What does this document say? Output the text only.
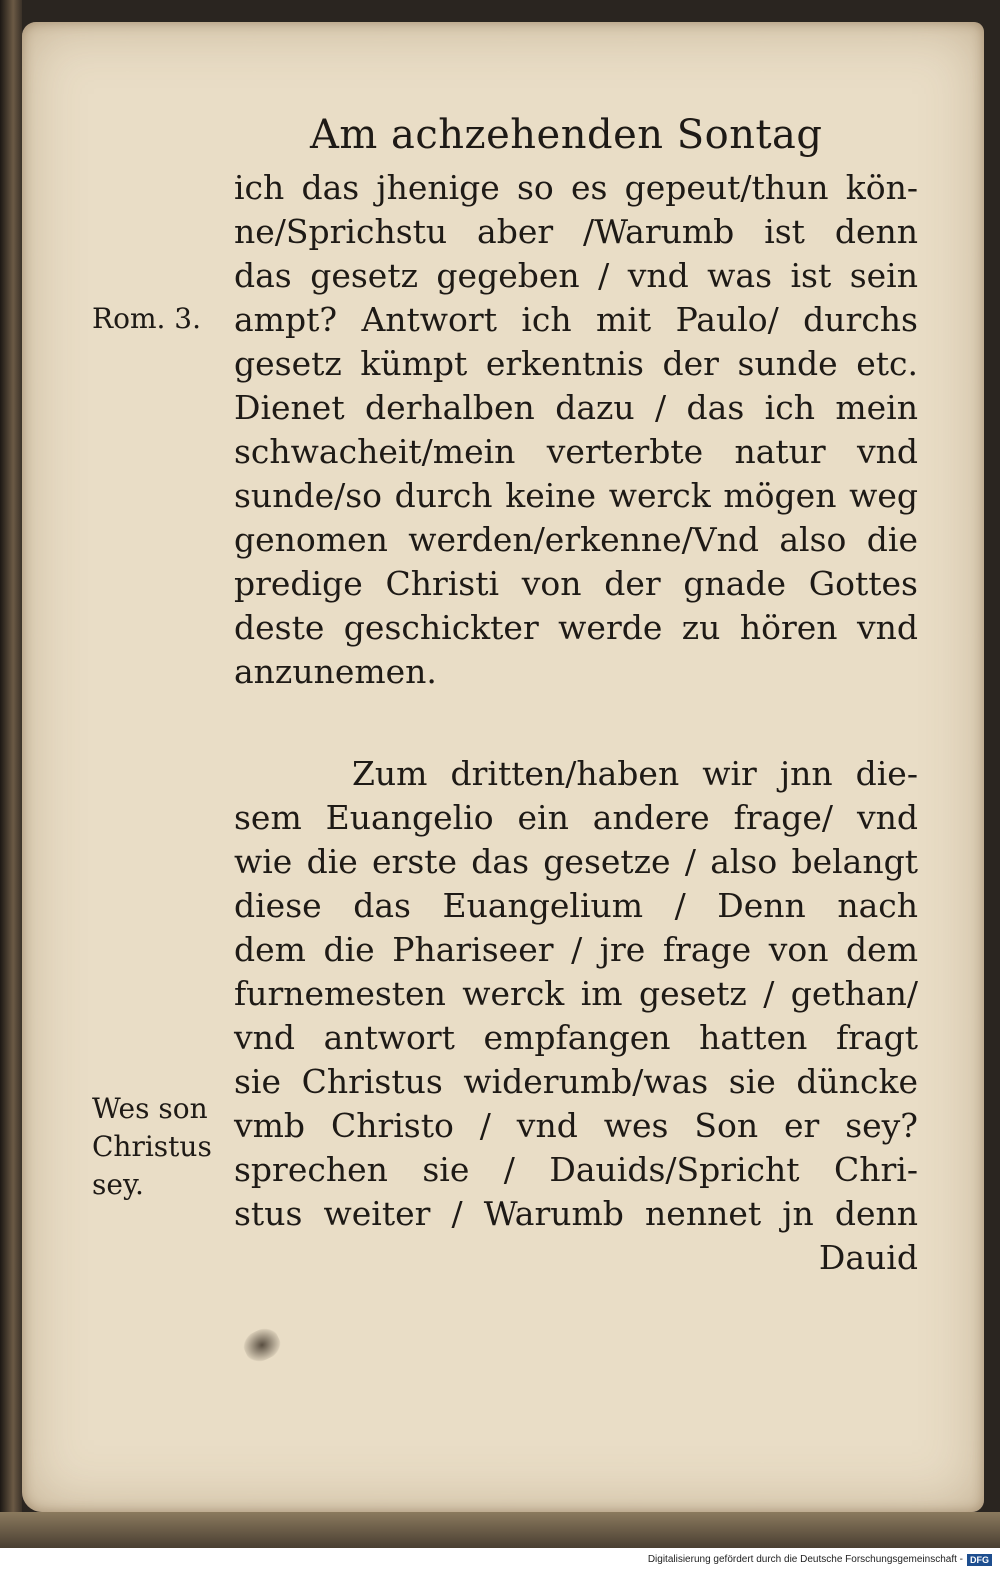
Am achzehenden Sontag
ich das jhenige so es gepeut/thun kön-
ne/Sprichstu aber /Warumb ist denn
das gesetz gegeben / vnd was ist sein
ampt? Antwort ich mit Paulo/ durchs
gesetz kümpt erkentnis der sunde etc.
Dienet derhalben dazu / das ich mein
schwacheit/mein verterbte natur vnd
sunde/so durch keine werck mögen weg
genomen werden/erkenne/Vnd also die
predige Christi von der gnade Gottes
deste geschickter werde zu hören vnd
anzunemen.
Zum dritten/haben wir jnn die-
sem Euangelio ein andere frage/ vnd
wie die erste das gesetze / also belangt
diese das Euangelium / Denn nach
dem die Phariseer / jre frage von dem
furnemesten werck im gesetz / gethan/
vnd antwort empfangen hatten fragt
sie Christus widerumb/was sie düncke
vmb Christo / vnd wes Son er sey?
sprechen sie / Dauids/Spricht Chri-
stus weiter / Warumb nennet jn denn
Dauid
Rom. 3.
Wes son
Christus
sey.
Digitalisierung gefördert durch die Deutsche Forschungsgemeinschaft - DFG
